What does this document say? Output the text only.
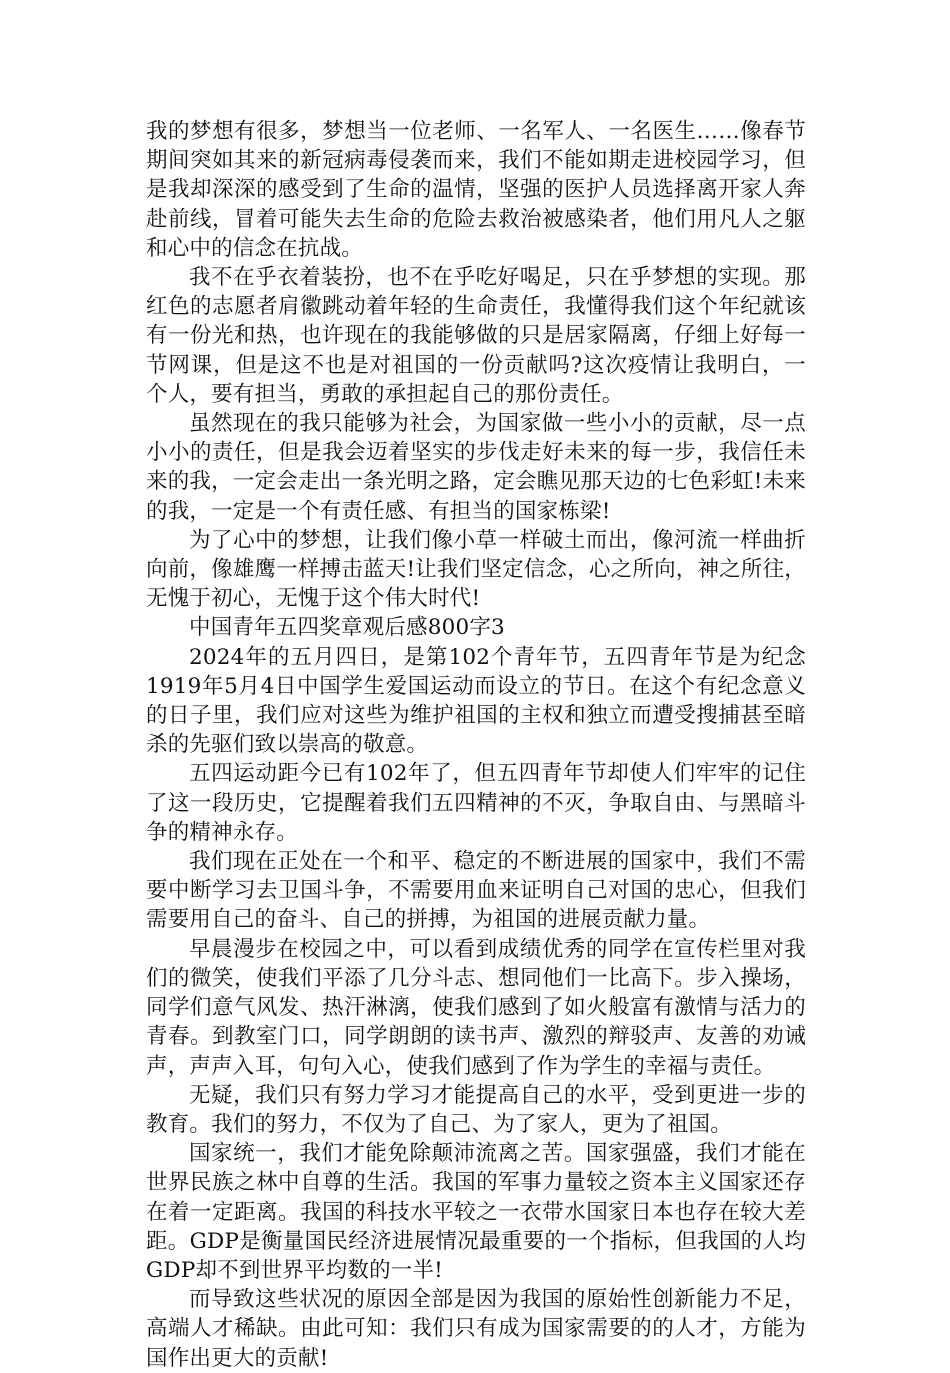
我的梦想有很多，梦想当一位老师、一名军人、一名医生……像春节期间突如其来的新冠病毒侵袭而来，我们不能如期走进校园学习，但是我却深深的感受到了生命的温情，坚强的医护人员选择离开家人奔赴前线，冒着可能失去生命的危险去救治被感染者，他们用凡人之躯和心中的信念在抗战。

我不在乎衣着装扮，也不在乎吃好喝足，只在乎梦想的实现。那红色的志愿者肩徽跳动着年轻的生命责任，我懂得我们这个年纪就该有一份光和热，也许现在的我能够做的只是居家隔离，仔细上好每一节网课，但是这不也是对祖国的一份贡献吗?这次疫情让我明白，一个人，要有担当，勇敢的承担起自己的那份责任。

虽然现在的我只能够为社会，为国家做一些小小的贡献，尽一点小小的责任，但是我会迈着坚实的步伐走好未来的每一步，我信任未来的我，一定会走出一条光明之路，定会瞧见那天边的七色彩虹!未来的我，一定是一个有责任感、有担当的国家栋梁!

为了心中的梦想，让我们像小草一样破土而出，像河流一样曲折向前，像雄鹰一样搏击蓝天!让我们坚定信念，心之所向，神之所往，无愧于初心，无愧于这个伟大时代!

中国青年五四奖章观后感800字3

2024年的五月四日，是第102个青年节，五四青年节是为纪念1919年5月4日中国学生爱国运动而设立的节日。在这个有纪念意义的日子里，我们应对这些为维护祖国的主权和独立而遭受搜捕甚至暗杀的先驱们致以崇高的敬意。

五四运动距今已有102年了，但五四青年节却使人们牢牢的记住了这一段历史，它提醒着我们五四精神的不灭，争取自由、与黑暗斗争的精神永存。

我们现在正处在一个和平、稳定的不断进展的国家中，我们不需要中断学习去卫国斗争，不需要用血来证明自己对国的忠心，但我们需要用自己的奋斗、自己的拼搏，为祖国的进展贡献力量。

早晨漫步在校园之中，可以看到成绩优秀的同学在宣传栏里对我们的微笑，使我们平添了几分斗志、想同他们一比高下。步入操场，同学们意气风发、热汗淋漓，使我们感到了如火般富有激情与活力的青春。到教室门口，同学朗朗的读书声、激烈的辩驳声、友善的劝诫声，声声入耳，句句入心，使我们感到了作为学生的幸福与责任。

无疑，我们只有努力学习才能提高自己的水平，受到更进一步的教育。我们的努力，不仅为了自己、为了家人，更为了祖国。

国家统一，我们才能免除颠沛流离之苦。国家强盛，我们才能在世界民族之林中自尊的生活。我国的军事力量较之资本主义国家还存在着一定距离。我国的科技水平较之一衣带水国家日本也存在较大差距。GDP是衡量国民经济进展情况最重要的一个指标，但我国的人均GDP却不到世界平均数的一半!

而导致这些状况的原因全部是因为我国的原始性创新能力不足，高端人才稀缺。由此可知：我们只有成为国家需要的的人才，方能为国作出更大的贡献!
